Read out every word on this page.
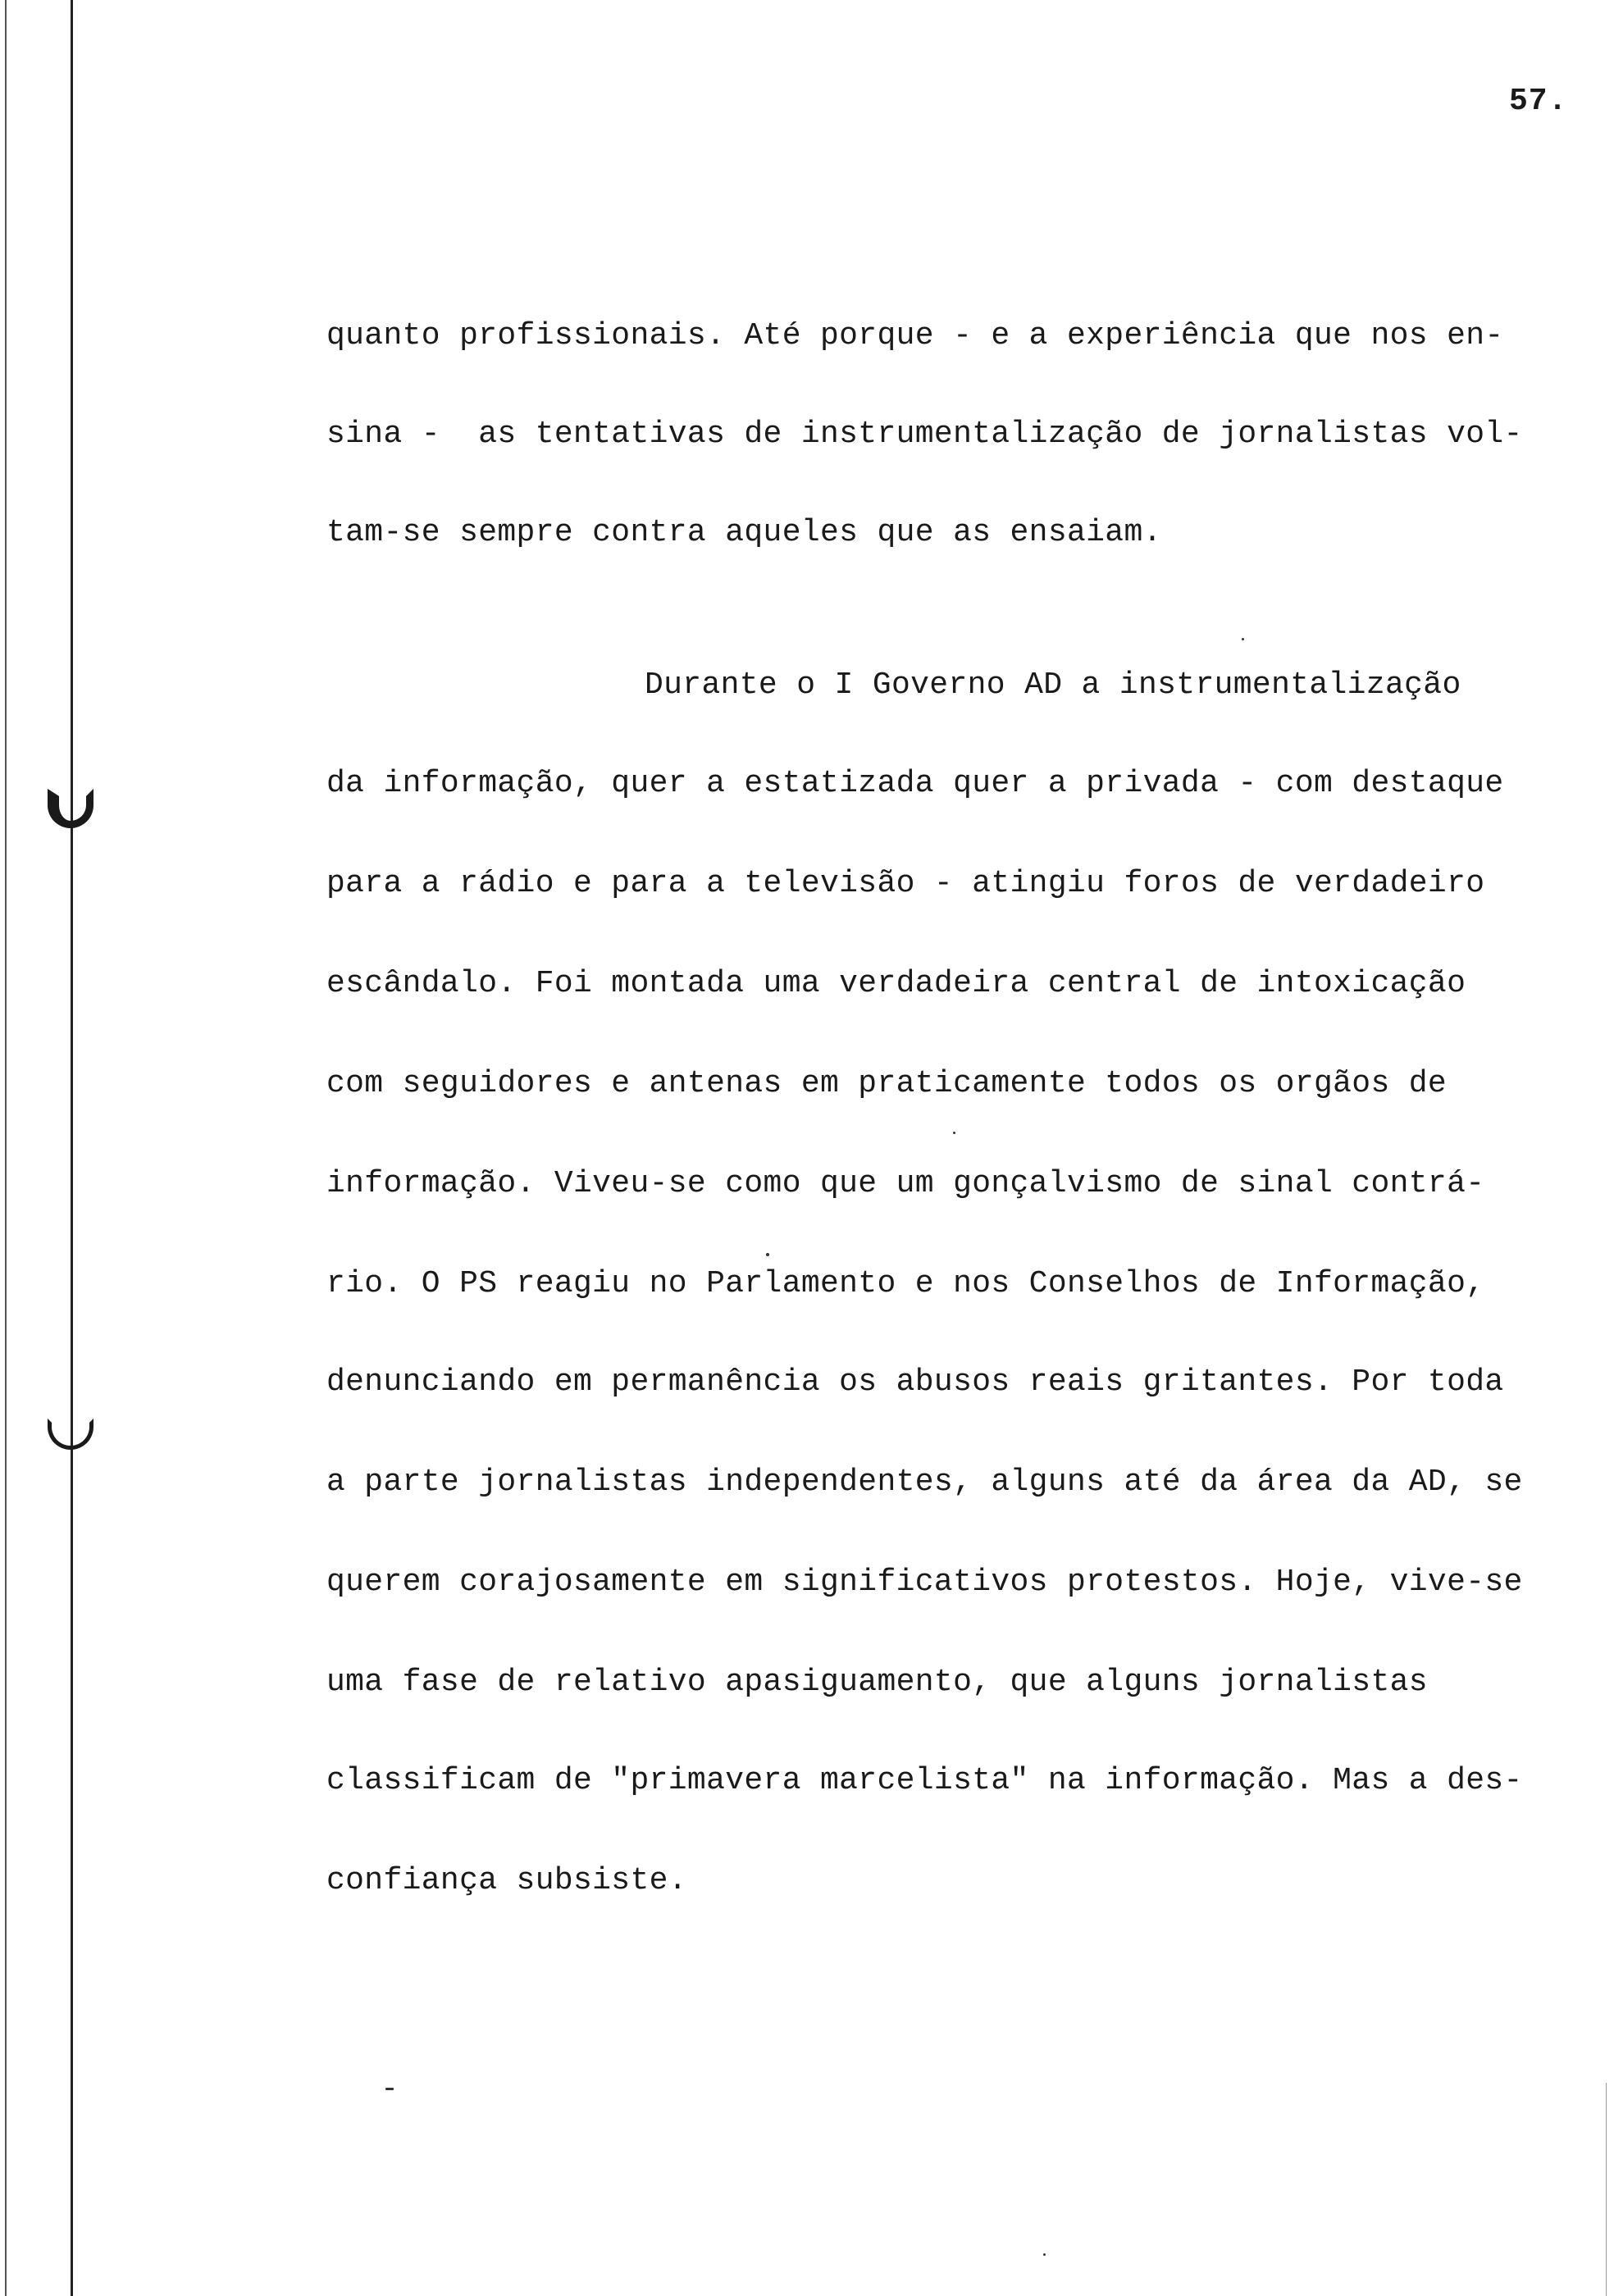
57.
quanto profissionais. Até porque - e a experiência que nos en-
sina -  as tentativas de instrumentalização de jornalistas vol-
tam-se sempre contra aqueles que as ensaiam.
Durante o I Governo AD a instrumentalização
da informação, quer a estatizada quer a privada - com destaque
para a rádio e para a televisão - atingiu foros de verdadeiro
escândalo. Foi montada uma verdadeira central de intoxicação
com seguidores e antenas em praticamente todos os orgãos de
informação. Viveu-se como que um gonçalvismo de sinal contrá-
rio. O PS reagiu no Parlamento e nos Conselhos de Informação,
denunciando em permanência os abusos reais gritantes. Por toda
a parte jornalistas independentes, alguns até da área da AD, se
querem corajosamente em significativos protestos. Hoje, vive-se
uma fase de relativo apasiguamento, que alguns jornalistas
classificam de "primavera marcelista" na informação. Mas a des-
confiança subsiste.
